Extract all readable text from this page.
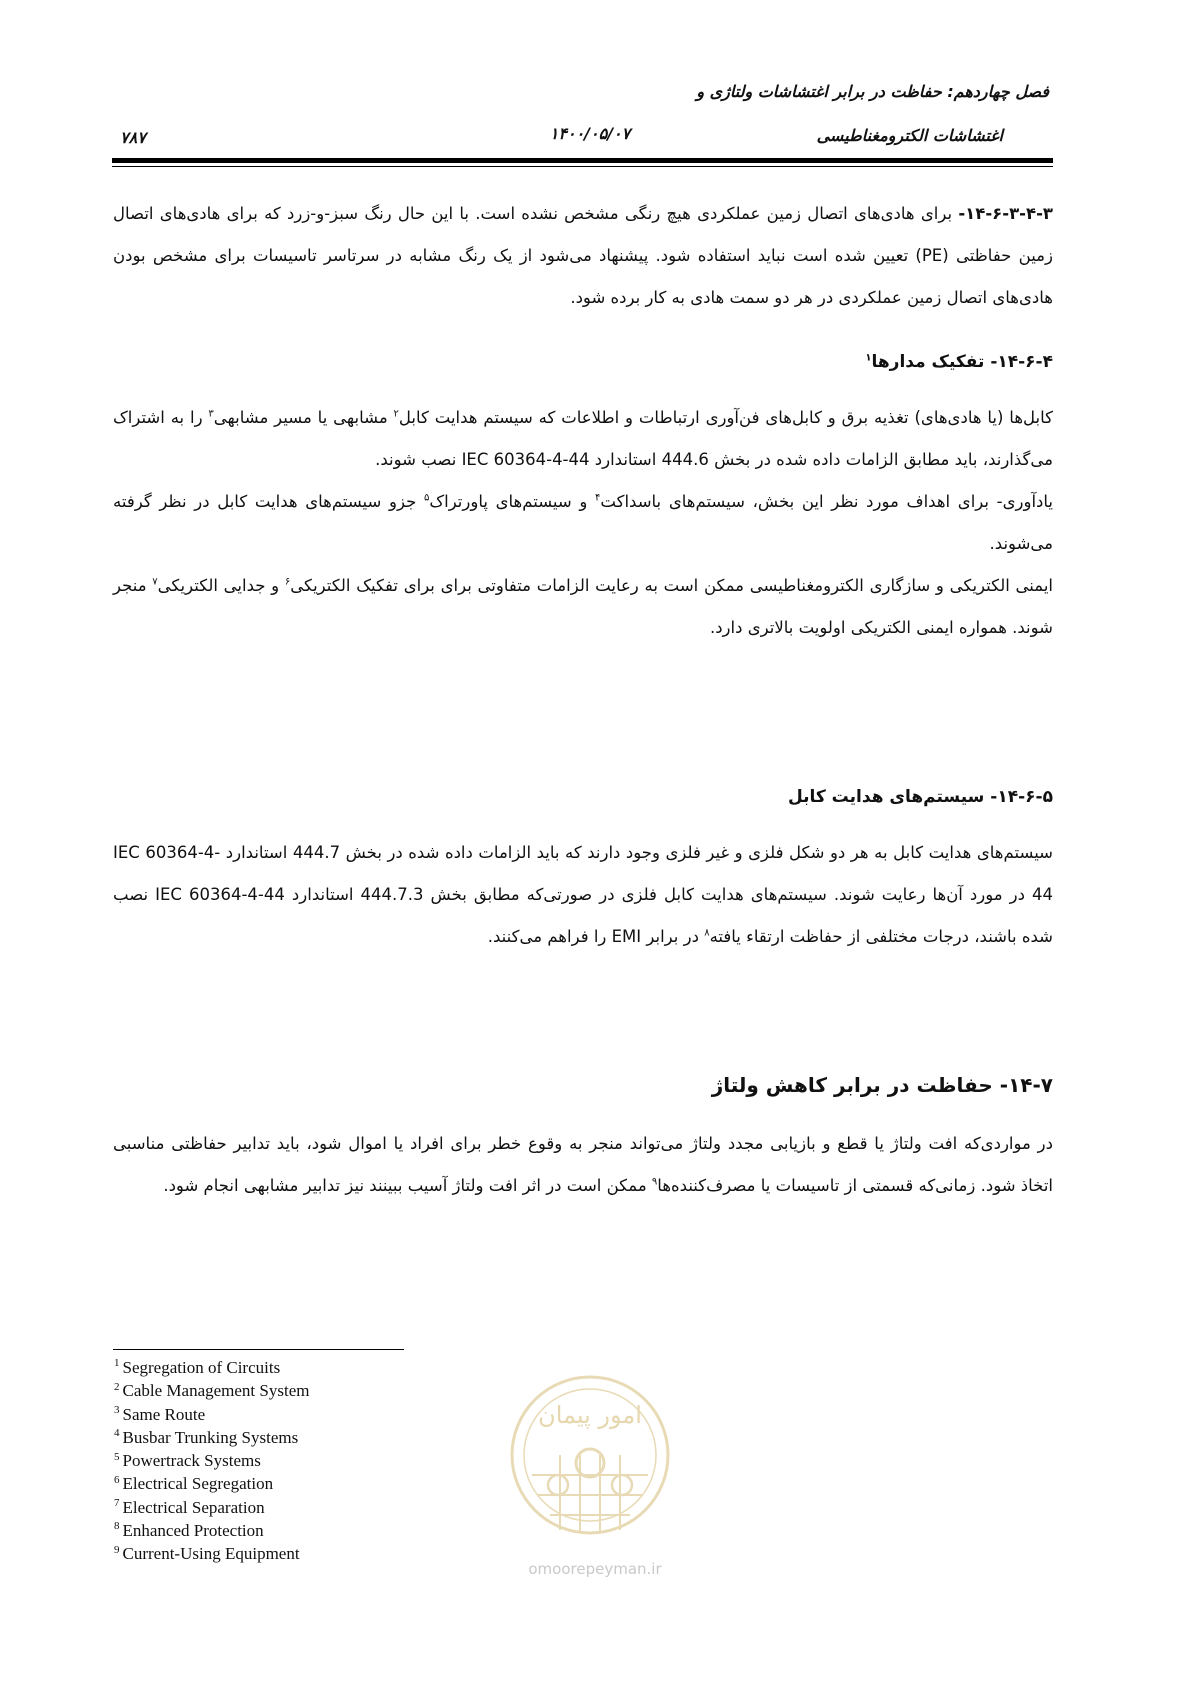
فصل چهاردهم: حفاظت در برابر اغتشاشات ولتاژی و
اغتشاشات الکترومغناطیسی
۱۴۰۰/۰۵/۰۷
۷۸۷

۱۴-۶-۳-۴-۳- برای هادی‌های اتصال زمین عملکردی هیچ رنگی مشخص نشده است. با این حال رنگ سبز-و-زرد که برای هادی‌های اتصال زمین حفاظتی (PE) تعیین شده است نباید استفاده شود. پیشنهاد می‌شود از یک رنگ مشابه در سرتاسر تاسیسات برای مشخص بودن هادی‌های اتصال زمین عملکردی در هر دو سمت هادی به کار برده شود.

۱۴-۶-۴- تفکیک مدارها$^۱$

کابل‌ها (یا هادی‌های) تغذیه برق و کابل‌های فن‌آوری ارتباطات و اطلاعات که سیستم هدایت کابل$^۲$ مشابهی یا مسیر مشابهی$^۳$ را به اشتراک می‌گذارند، باید مطابق الزامات داده شده در بخش 444.6 استاندارد IEC 60364-4-44 نصب شوند.

یادآوری- برای اهداف مورد نظر این بخش، سیستم‌های باسداکت$^۴$ و سیستم‌های پاورتراک$^۵$ جزو سیستم‌های هدایت کابل در نظر گرفته می‌شوند.

ایمنی الکتریکی و سازگاری الکترومغناطیسی ممکن است به رعایت الزامات متفاوتی برای برای تفکیک الکتریکی$^۶$ و جدایی الکتریکی$^۷$ منجر شوند. همواره ایمنی الکتریکی اولویت بالاتری دارد.

۱۴-۶-۵- سیستم‌های هدایت کابل

سیستم‌های هدایت کابل به هر دو شکل فلزی و غیر فلزی وجود دارند که باید الزامات داده شده در بخش 444.7 استاندارد IEC 60364-4-44 در مورد آن‌ها رعایت شوند. سیستم‌های هدایت کابل فلزی در صورتی‌که مطابق بخش 444.7.3 استاندارد IEC 60364-4-44 نصب شده باشند، درجات مختلفی از حفاظت ارتقاء یافته$^۸$ در برابر EMI را فراهم می‌کنند.

۱۴-۷- حفاظت در برابر کاهش ولتاژ

در مواردی‌که افت ولتاژ یا قطع و بازیابی مجدد ولتاژ می‌تواند منجر به وقوع خطر برای افراد یا اموال شود، باید تدابیر حفاظتی مناسبی اتخاذ شود. زمانی‌که قسمتی از تاسیسات یا مصرف‌کننده‌ها$^۹$ ممکن است در اثر افت ولتاژ آسیب ببینند نیز تدابیر مشابهی انجام شود.

$^1$ Segregation of Circuits
$^2$ Cable Management System
$^3$ Same Route
$^4$ Busbar Trunking Systems
$^5$ Powertrack Systems
$^6$ Electrical Segregation
$^7$ Electrical Separation
$^8$ Enhanced Protection
$^9$ Current-Using Equipment
امور پیمان
omoorepeyman.ir
